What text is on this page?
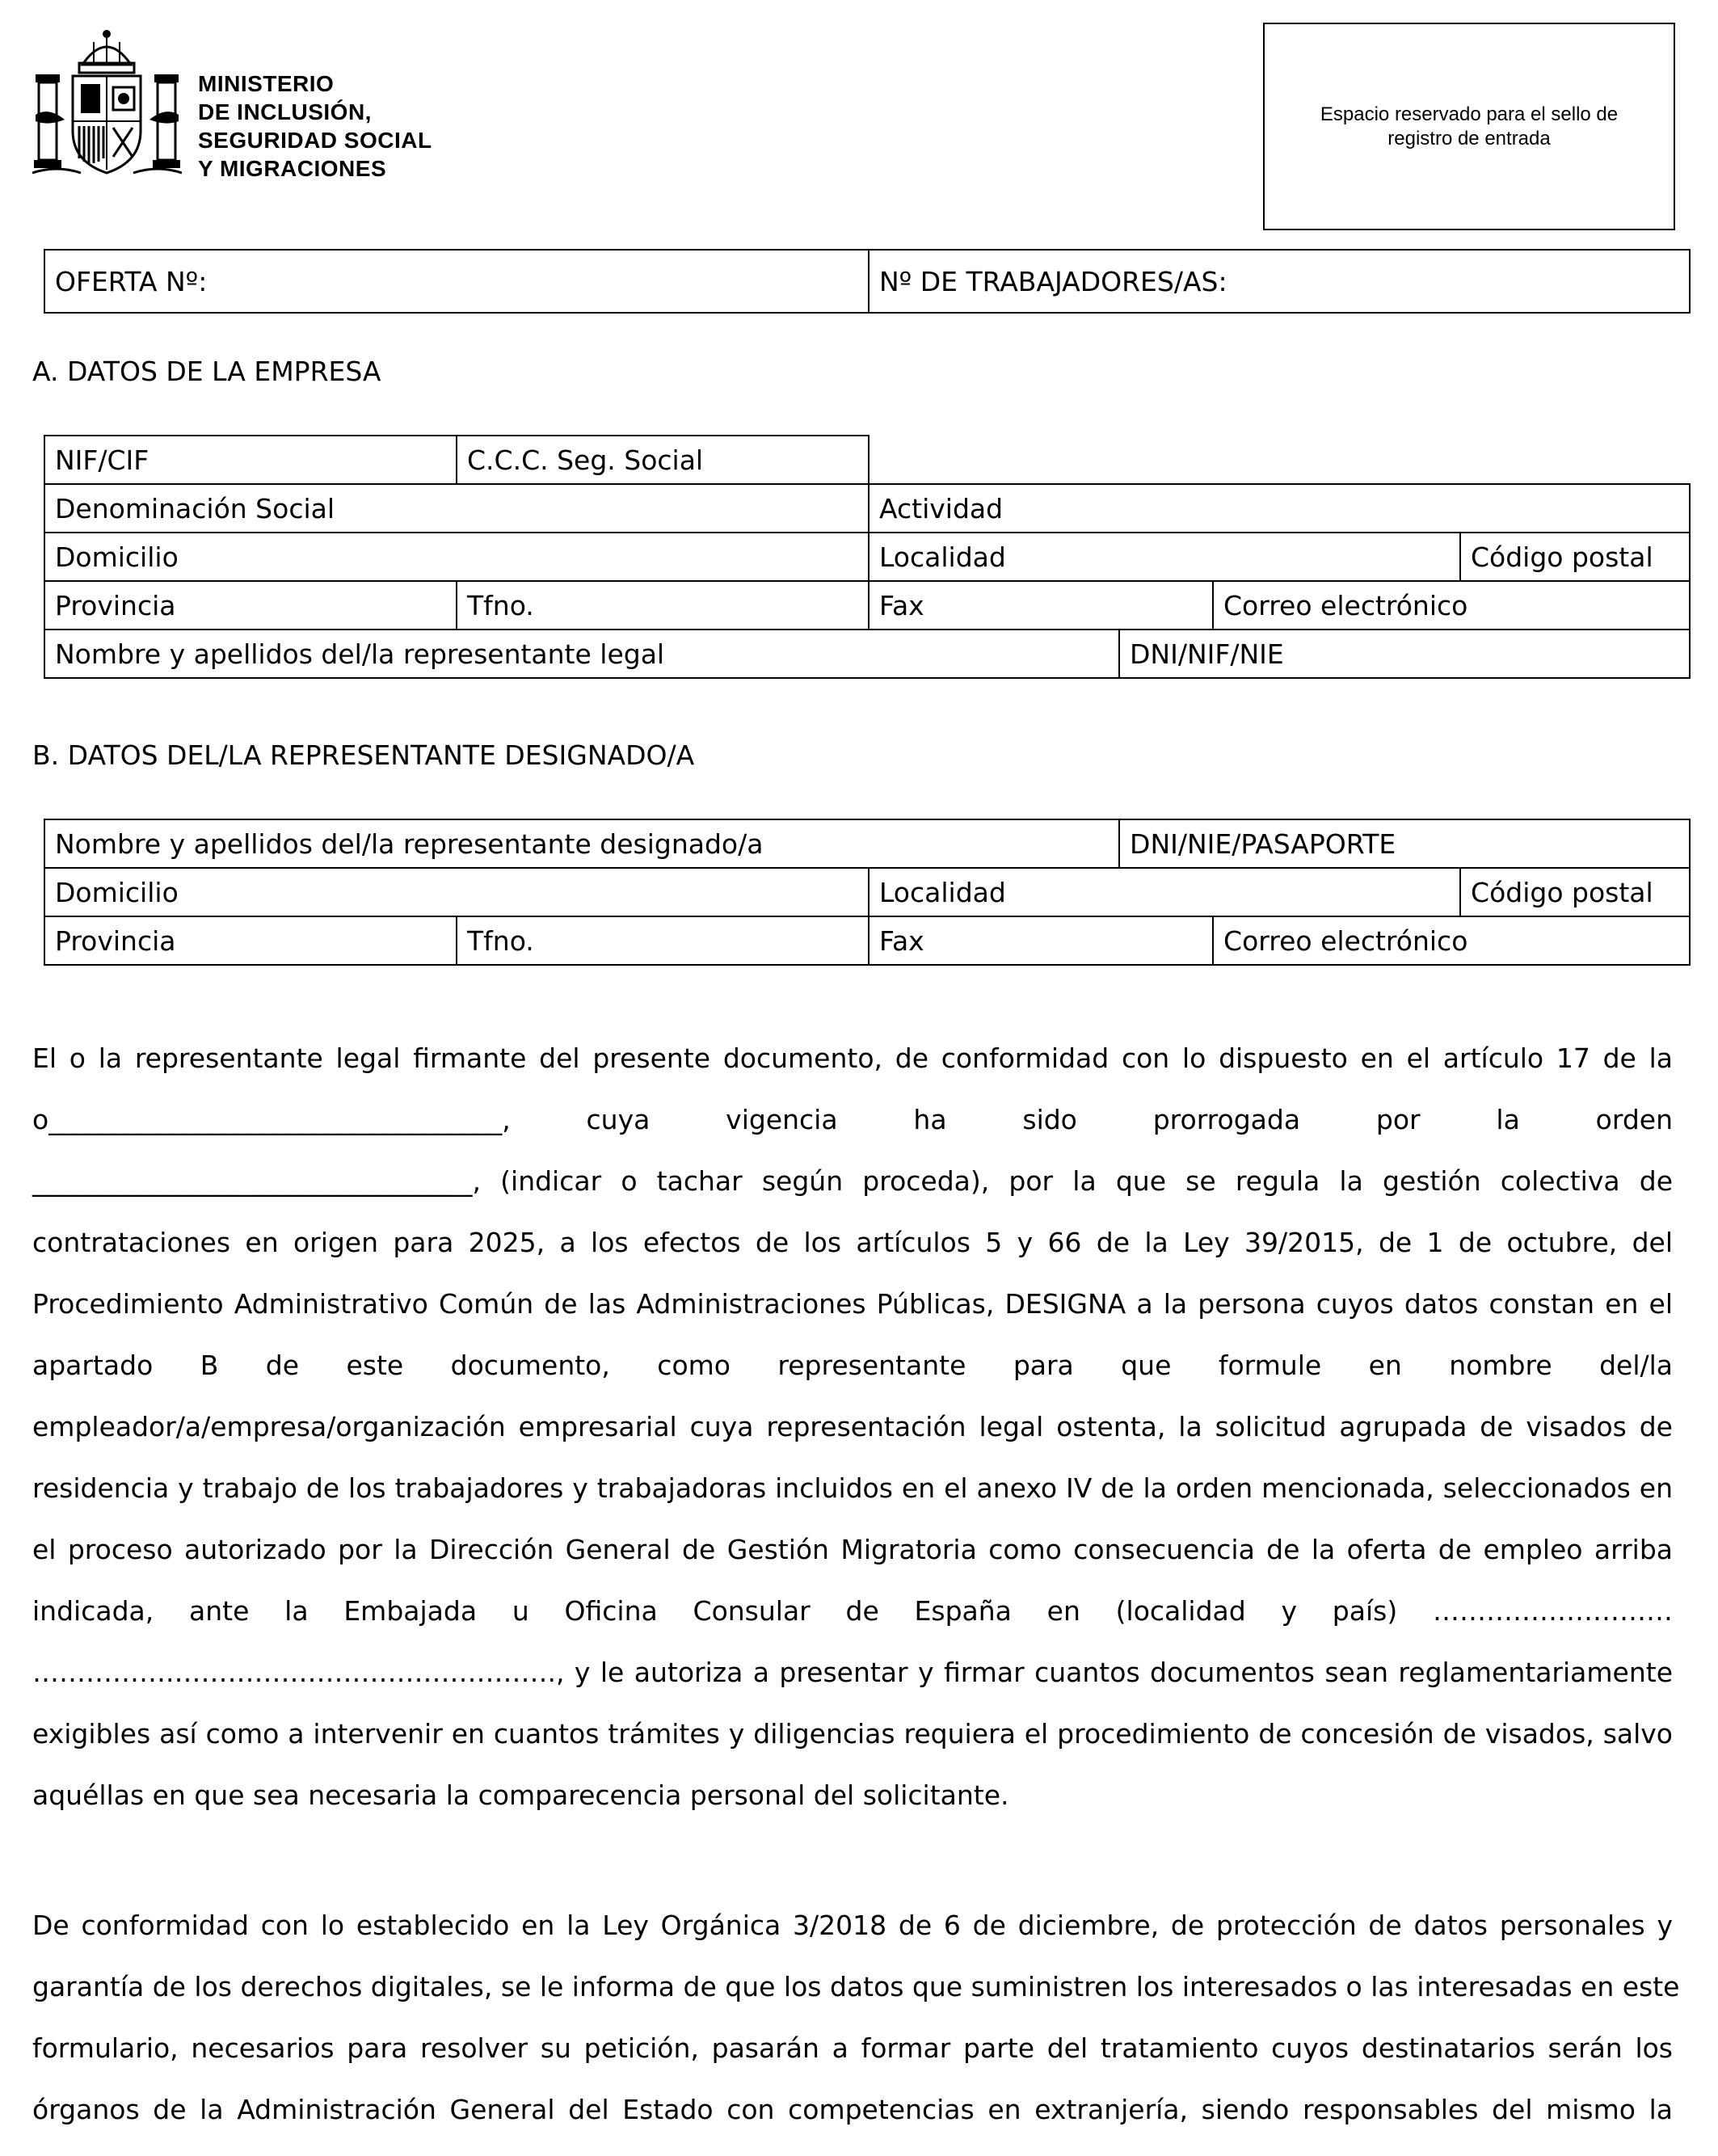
MINISTERIO
DE INCLUSIÓN,
SEGURIDAD SOCIAL
Y MIGRACIONES
Espacio reservado para el sello de registro de entrada
OFERTA Nº:	Nº DE TRABAJADORES/AS:
A. DATOS DE LA EMPRESA
NIF/CIF	C.C.C. Seg. Social	
Denominación Social	Actividad
Domicilio	Localidad	Código postal
Provincia	Tfno.	Fax	Correo electrónico
Nombre y apellidos del/la representante legal	DNI/NIF/NIE
B. DATOS DEL/LA REPRESENTANTE DESIGNADO/A
Nombre y apellidos del/la representante designado/a	DNI/NIE/PASAPORTE
Domicilio	Localidad	Código postal
Provincia	Tfno.	Fax	Correo electrónico
El o la representante legal firmante del presente documento, de conformidad con lo dispuesto en el artículo 17 de la
o__________________________________, cuya vigencia ha sido prorrogada por la orden
_________________________________, (indicar o tachar según proceda), por la que se regula la gestión colectiva de
contrataciones en origen para 2025, a los efectos de los artículos 5 y 66 de la Ley 39/2015, de 1 de octubre, del
Procedimiento Administrativo Común de las Administraciones Públicas, DESIGNA a la persona cuyos datos constan en el
apartado B de este documento, como representante para que formule en nombre del/la
empleador/a/empresa/organización empresarial cuya representación legal ostenta, la solicitud agrupada de visados de
residencia y trabajo de los trabajadores y trabajadoras incluidos en el anexo IV de la orden mencionada, seleccionados en
el proceso autorizado por la Dirección General de Gestión Migratoria como consecuencia de la oferta de empleo arriba
indicada, ante la Embajada u Oficina Consular de España en (localidad y país) ………………………
…………….……………………………………., y le autoriza a presentar y firmar cuantos documentos sean reglamentariamente
exigibles así como a intervenir en cuantos trámites y diligencias requiera el procedimiento de concesión de visados, salvo
aquéllas en que sea necesaria la comparecencia personal del solicitante.
De conformidad con lo establecido en la Ley Orgánica 3/2018 de 6 de diciembre, de protección de datos personales y
garantía de los derechos digitales, se le informa de que los datos que suministren los interesados o las interesadas en este
formulario, necesarios para resolver su petición, pasarán a formar parte del tratamiento cuyos destinatarios serán los
órganos de la Administración General del Estado con competencias en extranjería, siendo responsables del mismo la
